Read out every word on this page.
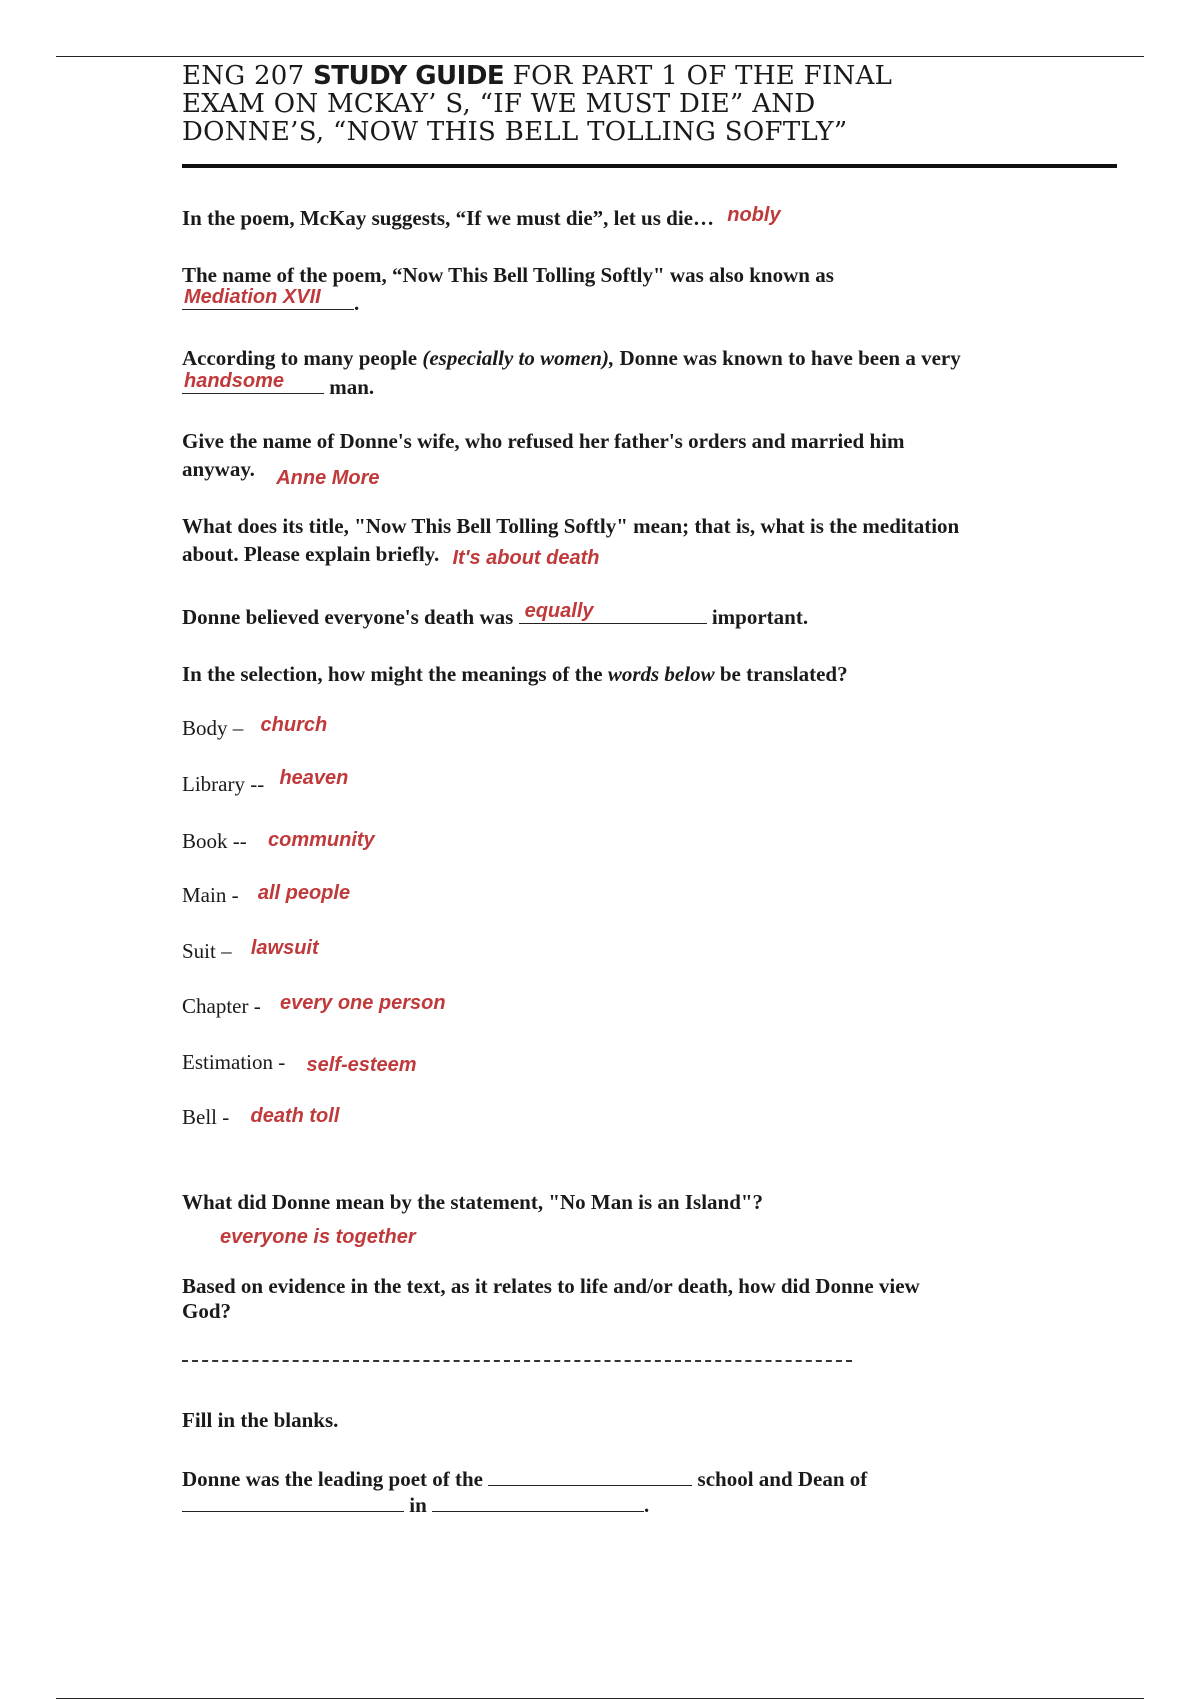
ENG 207 STUDY GUIDE FOR PART 1 OF THE FINAL
EXAM ON MCKAY’ S, “IF WE MUST DIE” AND
DONNE’S, “NOW THIS BELL TOLLING SOFTLY”
In the poem, McKay suggests, “If we must die”, let us die… nobly
The name of the poem, “Now This Bell Tolling Softly" was also known as
Mediation XVII .
According to many people (especially to women), Donne was known to have been a very
handsome man.
Give the name of Donne's wife, who refused her father's orders and married him
anyway. Anne More
What does its title, "Now This Bell Tolling Softly" mean; that is, what is the meditation
about. Please explain briefly. It's about death
Donne believed everyone's death was equally	important.
In the selection, how might the meanings of the words below be translated?
Body – church
Library -- heaven
Book -- community
Main - all people
Suit – lawsuit
Chapter - every one person
Estimation - self-esteem
Bell - death toll
What did Donne mean by the statement, "No Man is an Island"?
everyone is together
Based on evidence in the text, as it relates to life and/or death, how did Donne view
God?
Fill in the blanks.
Donne was the leading poet of the	school and Dean of
in	.
